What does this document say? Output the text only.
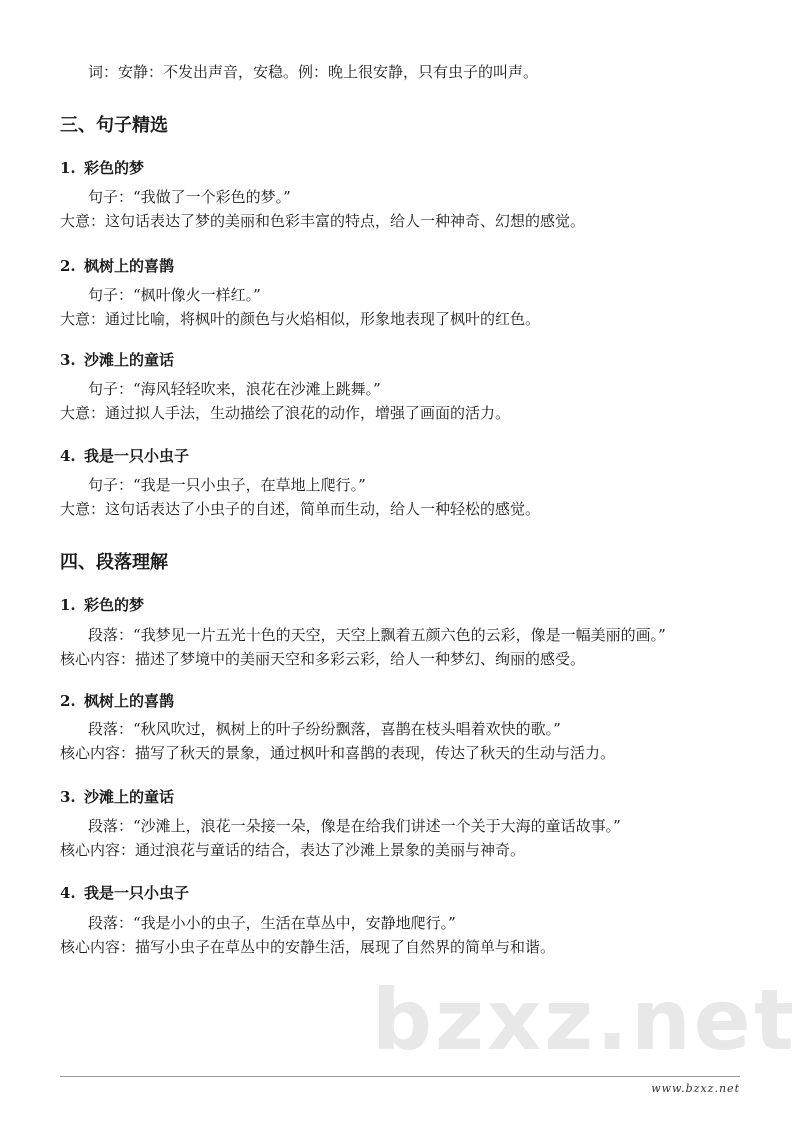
词：安静：不发出声音，安稳。例：晚上很安静，只有虫子的叫声。
三、句子精选
1. 彩色的梦
句子：“我做了一个彩色的梦。”
大意：这句话表达了梦的美丽和色彩丰富的特点，给人一种神奇、幻想的感觉。
2. 枫树上的喜鹊
句子：“枫叶像火一样红。”
大意：通过比喻，将枫叶的颜色与火焰相似，形象地表现了枫叶的红色。
3. 沙滩上的童话
句子：“海风轻轻吹来，浪花在沙滩上跳舞。”
大意：通过拟人手法，生动描绘了浪花的动作，增强了画面的活力。
4. 我是一只小虫子
句子：“我是一只小虫子，在草地上爬行。”
大意：这句话表达了小虫子的自述，简单而生动，给人一种轻松的感觉。
四、段落理解
1. 彩色的梦
段落：“我梦见一片五光十色的天空，天空上飘着五颜六色的云彩，像是一幅美丽的画。”
核心内容：描述了梦境中的美丽天空和多彩云彩，给人一种梦幻、绚丽的感受。
2. 枫树上的喜鹊
段落：“秋风吹过，枫树上的叶子纷纷飘落，喜鹊在枝头唱着欢快的歌。”
核心内容：描写了秋天的景象，通过枫叶和喜鹊的表现，传达了秋天的生动与活力。
3. 沙滩上的童话
段落：“沙滩上，浪花一朵接一朵，像是在给我们讲述一个关于大海的童话故事。”
核心内容：通过浪花与童话的结合，表达了沙滩上景象的美丽与神奇。
4. 我是一只小虫子
段落：“我是小小的虫子，生活在草丛中，安静地爬行。”
核心内容：描写小虫子在草丛中的安静生活，展现了自然界的简单与和谐。
bzxz.net
www.bzxz.net
